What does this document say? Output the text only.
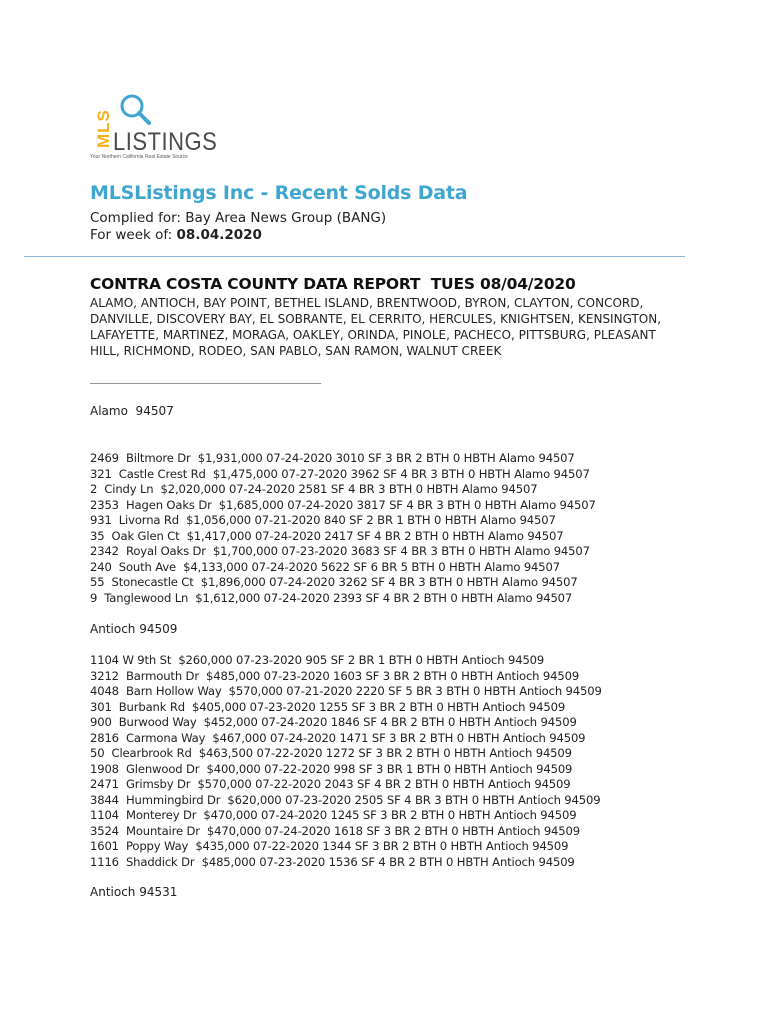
MLS LISTINGS
Your Northern California Real Estate Source
MLSListings Inc - Recent Solds Data
Complied for: Bay Area News Group (BANG)
For week of: 08.04.2020
CONTRA COSTA COUNTY DATA REPORT  TUES 08/04/2020

ALAMO, ANTIOCH, BAY POINT, BETHEL ISLAND, BRENTWOOD, BYRON, CLAYTON, CONCORD, DANVILLE, DISCOVERY BAY, EL SOBRANTE, EL CERRITO, HERCULES, KNIGHTSEN, KENSINGTON, LAFAYETTE, MARTINEZ, MORAGA, OAKLEY, ORINDA, PINOLE, PACHECO, PITTSBURG, PLEASANT HILL, RICHMOND, RODEO, SAN PABLO, SAN RAMON, WALNUT CREEK

________________________________
Alamo  94507
2469  Biltmore Dr  $1,931,000 07-24-2020 3010 SF 3 BR 2 BTH 0 HBTH Alamo 94507
321  Castle Crest Rd  $1,475,000 07-27-2020 3962 SF 4 BR 3 BTH 0 HBTH Alamo 94507
2  Cindy Ln  $2,020,000 07-24-2020 2581 SF 4 BR 3 BTH 0 HBTH Alamo 94507
2353  Hagen Oaks Dr  $1,685,000 07-24-2020 3817 SF 4 BR 3 BTH 0 HBTH Alamo 94507
931  Livorna Rd  $1,056,000 07-21-2020 840 SF 2 BR 1 BTH 0 HBTH Alamo 94507
35  Oak Glen Ct  $1,417,000 07-24-2020 2417 SF 4 BR 2 BTH 0 HBTH Alamo 94507
2342  Royal Oaks Dr  $1,700,000 07-23-2020 3683 SF 4 BR 3 BTH 0 HBTH Alamo 94507
240  South Ave  $4,133,000 07-24-2020 5622 SF 6 BR 5 BTH 0 HBTH Alamo 94507
55  Stonecastle Ct  $1,896,000 07-24-2020 3262 SF 4 BR 3 BTH 0 HBTH Alamo 94507
9  Tanglewood Ln  $1,612,000 07-24-2020 2393 SF 4 BR 2 BTH 0 HBTH Alamo 94507
Antioch 94509
1104 W 9th St  $260,000 07-23-2020 905 SF 2 BR 1 BTH 0 HBTH Antioch 94509
3212  Barmouth Dr  $485,000 07-23-2020 1603 SF 3 BR 2 BTH 0 HBTH Antioch 94509
4048  Barn Hollow Way  $570,000 07-21-2020 2220 SF 5 BR 3 BTH 0 HBTH Antioch 94509
301  Burbank Rd  $405,000 07-23-2020 1255 SF 3 BR 2 BTH 0 HBTH Antioch 94509
900  Burwood Way  $452,000 07-24-2020 1846 SF 4 BR 2 BTH 0 HBTH Antioch 94509
2816  Carmona Way  $467,000 07-24-2020 1471 SF 3 BR 2 BTH 0 HBTH Antioch 94509
50  Clearbrook Rd  $463,500 07-22-2020 1272 SF 3 BR 2 BTH 0 HBTH Antioch 94509
1908  Glenwood Dr  $400,000 07-22-2020 998 SF 3 BR 1 BTH 0 HBTH Antioch 94509
2471  Grimsby Dr  $570,000 07-22-2020 2043 SF 4 BR 2 BTH 0 HBTH Antioch 94509
3844  Hummingbird Dr  $620,000 07-23-2020 2505 SF 4 BR 3 BTH 0 HBTH Antioch 94509
1104  Monterey Dr  $470,000 07-24-2020 1245 SF 3 BR 2 BTH 0 HBTH Antioch 94509
3524  Mountaire Dr  $470,000 07-24-2020 1618 SF 3 BR 2 BTH 0 HBTH Antioch 94509
1601  Poppy Way  $435,000 07-22-2020 1344 SF 3 BR 2 BTH 0 HBTH Antioch 94509
1116  Shaddick Dr  $485,000 07-23-2020 1536 SF 4 BR 2 BTH 0 HBTH Antioch 94509
Antioch 94531
